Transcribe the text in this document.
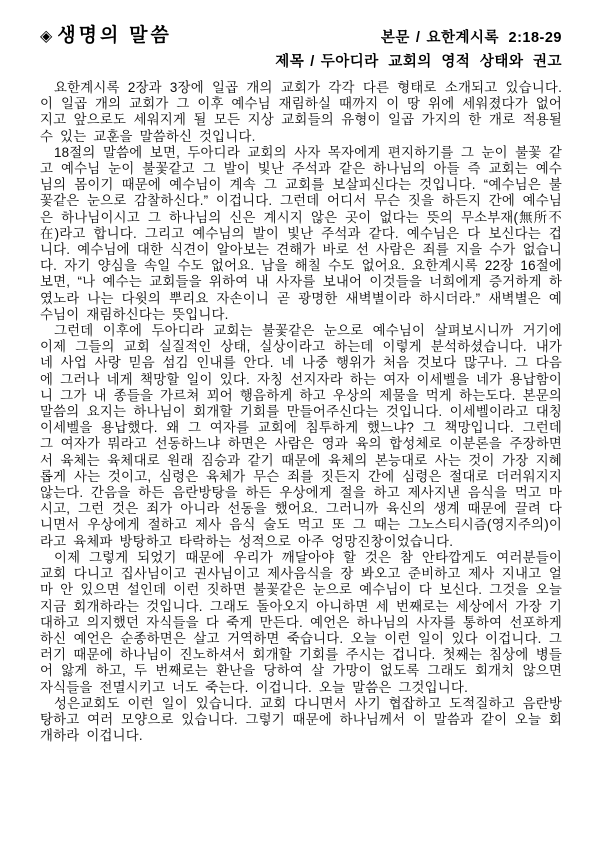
◈ 생명의 말씀	본문 / 요한계시록 2:18-29
제목 / 두아디라 교회의 영적 상태와 권고

요한계시록 2장과 3장에 일곱 개의 교회가 각각 다른 형태로 소개되고 있습니다. 이 일곱 개의 교회가 그 이후 예수님 재림하실 때까지 이 땅 위에 세워졌다가 없어지고 앞으로도 세워지게 될 모든 지상 교회들의 유형이 일곱 가지의 한 개로 적용될 수 있는 교훈을 말씀하신 것입니다.

18절의 말씀에 보면, 두아디라 교회의 사자 목자에게 편지하기를 그 눈이 불꽃 같고 예수님 눈이 불꽃같고 그 발이 빛난 주석과 같은 하나님의 아들 즉 교회는 예수님의 몸이기 때문에 예수님이 계속 그 교회를 보살피신다는 것입니다. “예수님은 불꽃같은 눈으로 감찰하신다.” 이겁니다. 그런데 어디서 무슨 짓을 하든지 간에 예수님은 하나님이시고 그 하나님의 신은 계시지 않은 곳이 없다는 뜻의 무소부재(無所不在)라고 합니다. 그리고 예수님의 발이 빛난 주석과 같다. 예수님은 다 보신다는 겁니다. 예수님에 대한 식견이 알아보는 견해가 바로 선 사람은 죄를 지을 수가 없습니다. 자기 양심을 속일 수도 없어요. 남을 해칠 수도 없어요. 요한계시록 22장 16절에 보면, “나 예수는 교회들을 위하여 내 사자를 보내어 이것들을 너희에게 증거하게 하였노라 나는 다윗의 뿌리요 자손이니 곧 광명한 새벽별이라 하시더라.” 새벽별은 예수님이 재림하신다는 뜻입니다.

그런데 이후에 두아디라 교회는 불꽃같은 눈으로 예수님이 살펴보시니까 거기에 이제 그들의 교회 실질적인 상태, 실상이라고 하는데 이렇게 분석하셨습니다. 내가 네 사업 사랑 믿음 섬김 인내를 안다. 네 나중 행위가 처음 것보다 많구나. 그 다음에 그러나 네게 책망할 일이 있다. 자칭 선지자라 하는 여자 이세벨을 네가 용납함이니 그가 내 종들을 가르쳐 꾀어 행음하게 하고 우상의 제물을 먹게 하는도다. 본문의 말씀의 요지는 하나님이 회개할 기회를 만들어주신다는 것입니다. 이세벨이라고 대칭 이세벨을 용납했다. 왜 그 여자를 교회에 침투하게 했느냐? 그 책망입니다. 그런데 그 여자가 뭐라고 선동하느냐 하면은 사람은 영과 육의 합성체로 이분론을 주장하면서 육체는 육체대로 원래 짐승과 같기 때문에 육체의 본능대로 사는 것이 가장 지혜롭게 사는 것이고, 심령은 육체가 무슨 죄를 짓든지 간에 심령은 절대로 더러워지지 않는다. 간음을 하든 음란방탕을 하든 우상에게 절을 하고 제사지낸 음식을 먹고 마시고, 그런 것은 죄가 아니라 선동을 했어요. 그러니까 육신의 생계 때문에 끌려 다니면서 우상에게 절하고 제사 음식 술도 먹고 또 그 때는 그노스티시즘(영지주의)이라고 육체파 방탕하고 타락하는 성적으로 아주 엉망진창이었습니다.

이제 그렇게 되었기 때문에 우리가 깨달아야 할 것은 참 안타깝게도 여러분들이 교회 다니고 집사님이고 권사님이고 제사음식을 장 봐오고 준비하고 제사 지내고 얼마 안 있으면 설인데 이런 짓하면 불꽃같은 눈으로 예수님이 다 보신다. 그것을 오늘 지금 회개하라는 것입니다. 그래도 돌아오지 아니하면 세 번째로는 세상에서 가장 기대하고 의지했던 자식들을 다 죽게 만든다. 예언은 하나님의 사자를 통하여 선포하게 하신 예언은 순종하면은 살고 거역하면 죽습니다. 오늘 이런 일이 있다 이겁니다. 그러기 때문에 하나님이 진노하셔서 회개할 기회를 주시는 겁니다. 첫째는 침상에 병들어 앓게 하고, 두 번째로는 환난을 당하여 살 가망이 없도록 그래도 회개치 않으면 자식들을 전멸시키고 너도 죽는다. 이겁니다. 오늘 말씀은 그것입니다.

성은교회도 이런 일이 있습니다. 교회 다니면서 사기 협잡하고 도적질하고 음란방탕하고 여러 모양으로 있습니다. 그렇기 때문에 하나님께서 이 말씀과 같이 오늘 회개하라 이겁니다.
